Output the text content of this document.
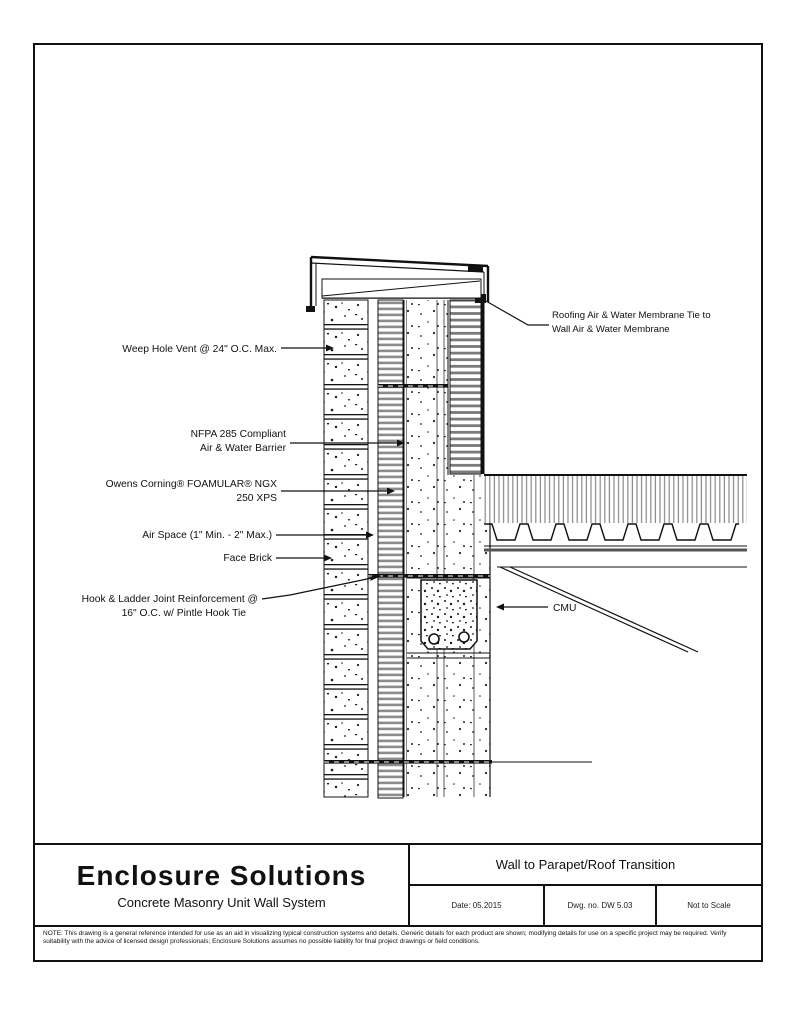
Weep Hole Vent @ 24" O.C. Max.
NFPA 285 Compliant
Air & Water Barrier
Owens Corning® FOAMULAR® NGX
250 XPS
Air Space (1" Min. - 2" Max.)
Face Brick
Hook & Ladder Joint Reinforcement @
16" O.C. w/ Pintle Hook Tie
Roofing Air & Water Membrane Tie to
Wall Air & Water Membrane
CMU
Enclosure Solutions
Concrete Masonry Unit Wall System
Wall to Parapet/Roof Transition
Date: 05.2015	Dwg. no. DW 5.03	Not to Scale
NOTE: This drawing is a general reference intended for use as an aid in visualizing typical construction systems and details. Generic details for each product are shown; modifying details for use on a specific project may be required. Verify suitability with the advice of licensed design professionals; Enclosure Solutions assumes no possible liability for final project drawings or field conditions.
